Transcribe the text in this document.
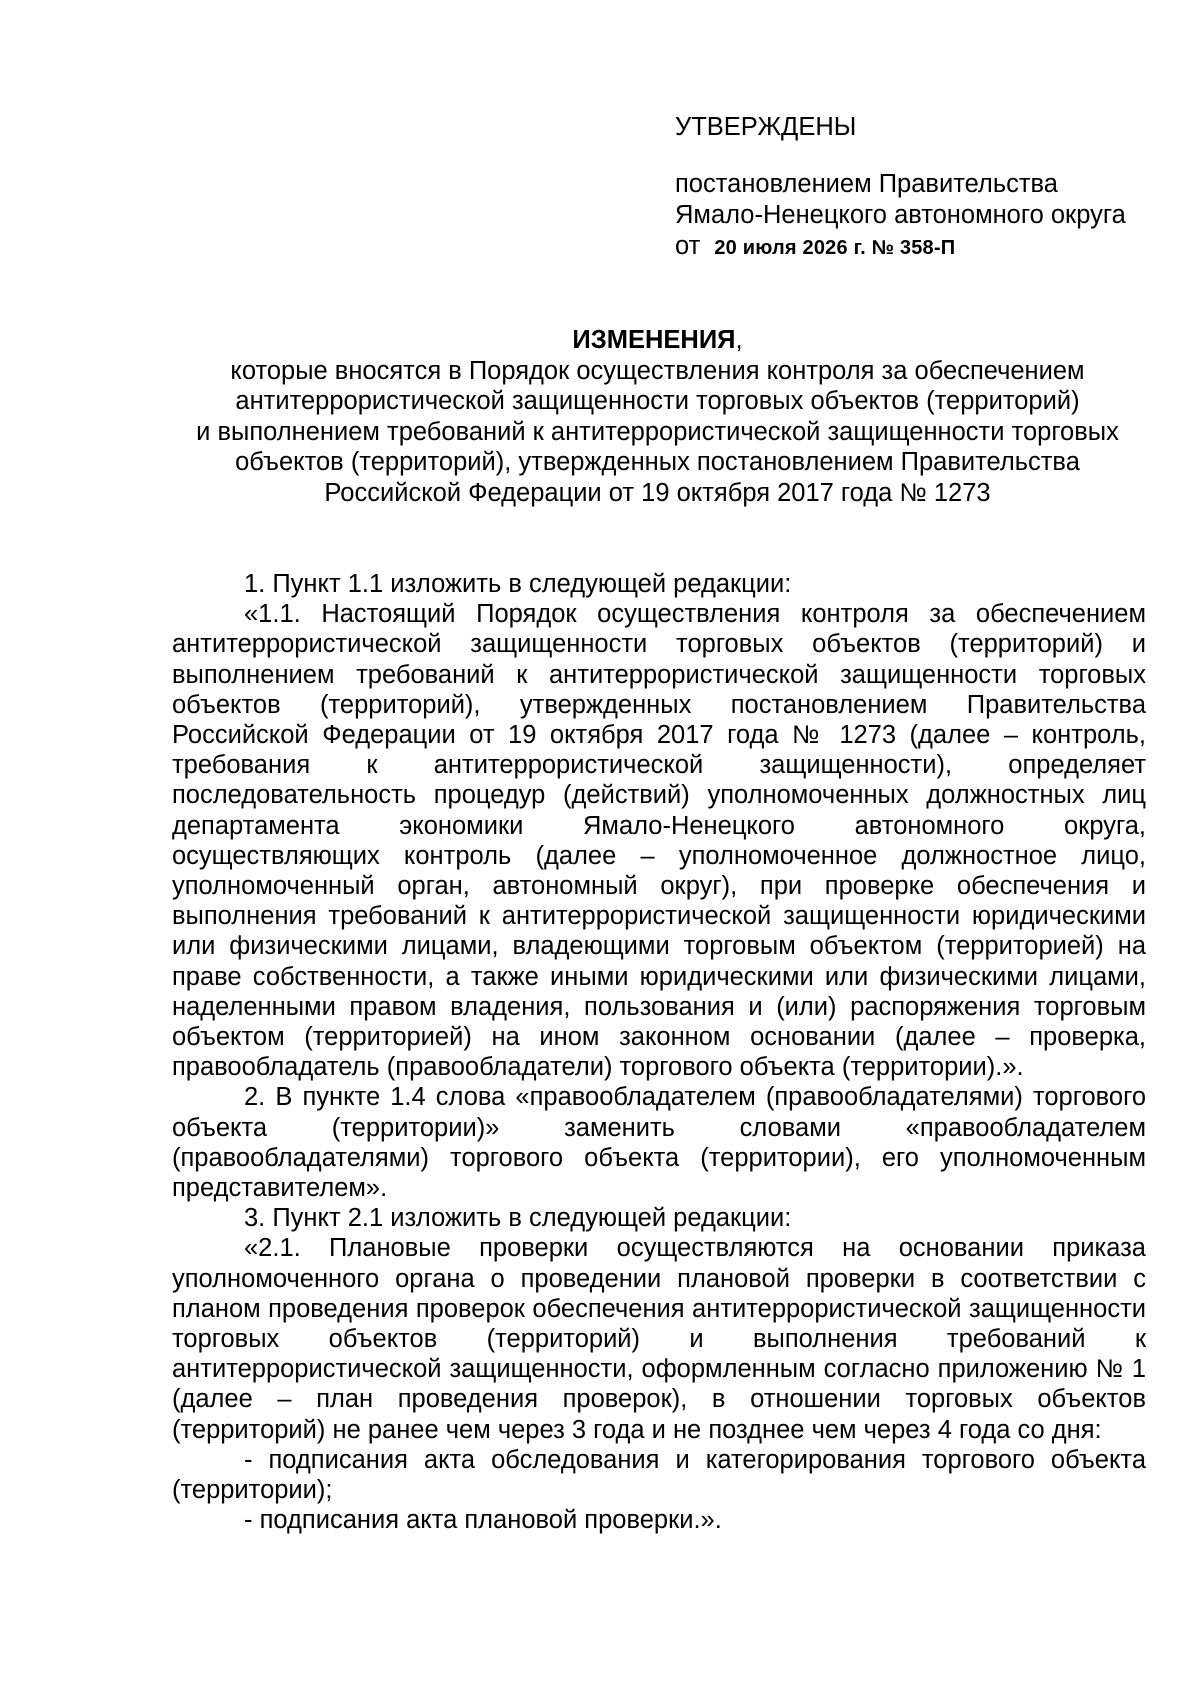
УТВЕРЖДЕНЫ
постановлением Правительства
Ямало-Ненецкого автономного округа
от 20 июля 2026 г. № 358-П
ИЗМЕНЕНИЯ,
которые вносятся в Порядок осуществления контроля за обеспечением
антитеррористической защищенности торговых объектов (территорий)
и выполнением требований к антитеррористической защищенности торговых
объектов (территорий), утвержденных постановлением Правительства
Российской Федерации от 19 октября 2017 года № 1273

1. Пункт 1.1 изложить в следующей редакции:

«1.1. Настоящий Порядок осуществления контроля за обеспечением антитеррористической защищенности торговых объектов (территорий) и выполнением требований к антитеррористической защищенности торговых объектов (территорий), утвержденных постановлением Правительства Российской Федерации от 19 октября 2017 года № 1273 (далее – контроль, требования к антитеррористической защищенности), определяет последовательность процедур (действий) уполномоченных должностных лиц департамента экономики Ямало-Ненецкого автономного округа, осуществляющих контроль (далее – уполномоченное должностное лицо, уполномоченный орган, автономный округ), при проверке обеспечения и выполнения требований к антитеррористической защищенности юридическими или физическими лицами, владеющими торговым объектом (территорией) на праве собственности, а также иными юридическими или физическими лицами, наделенными правом владения, пользования и (или) распоряжения торговым объектом (территорией) на ином законном основании (далее – проверка, правообладатель (правообладатели) торгового объекта (территории).».

2. В пункте 1.4 слова «правообладателем (правообладателями) торгового объекта (территории)» заменить словами «правообладателем (правообладателями) торгового объекта (территории), его уполномоченным представителем».

3. Пункт 2.1 изложить в следующей редакции:

«2.1. Плановые проверки осуществляются на основании приказа уполномоченного органа о проведении плановой проверки в соответствии с планом проведения проверок обеспечения антитеррористической защищенности торговых объектов (территорий) и выполнения требований к антитеррористической защищенности, оформленным согласно приложению № 1 (далее – план проведения проверок), в отношении торговых объектов (территорий) не ранее чем через 3 года и не позднее чем через 4 года со дня:

- подписания акта обследования и категорирования торгового объекта (территории);

- подписания акта плановой проверки.».
